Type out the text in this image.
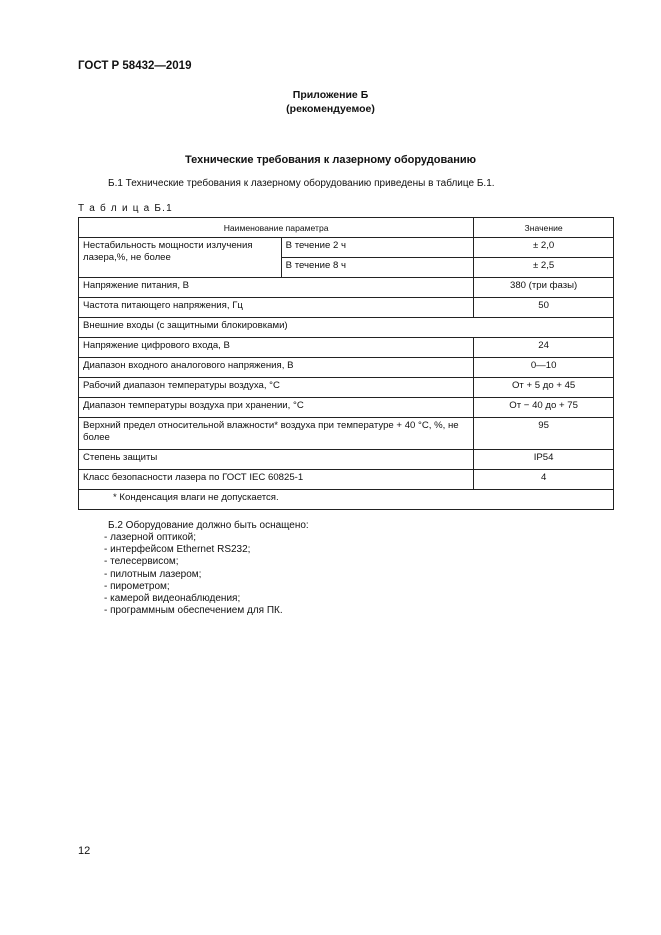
ГОСТ Р 58432—2019
Приложение Б
(рекомендуемое)
Технические требования к лазерному оборудованию
Б.1 Технические требования к лазерному оборудованию приведены в таблице Б.1.
Т а б л и ц а Б.1
Наименование параметра		Значение
Нестабильность мощности излучения лазера,%, не более	В течение 2 ч	± 2,0
	В течение 8 ч	± 2,5
Напряжение питания, В		380 (три фазы)
Частота питающего напряжения, Гц		50
Внешние входы (с защитными блокировками)		
Напряжение цифрового входа, В		24
Диапазон входного аналогового напряжения, В		0—10
Рабочий диапазон температуры воздуха, °С		От + 5 до + 45
Диапазон температуры воздуха при хранении, °С		От − 40 до + 75
Верхний предел относительной влажности* воздуха при температуре + 40 °С, %, не более		95
Степень защиты		IP54
Класс безопасности лазера по ГОСТ IEC 60825-1		4
* Конденсация влаги не допускается.		
Б.2 Оборудование должно быть оснащено:
- лазерной оптикой;
- интерфейсом Ethernet RS232;
- телесервисом;
- пилотным лазером;
- пирометром;
- камерой видеонаблюдения;
- программным обеспечением для ПК.
12
